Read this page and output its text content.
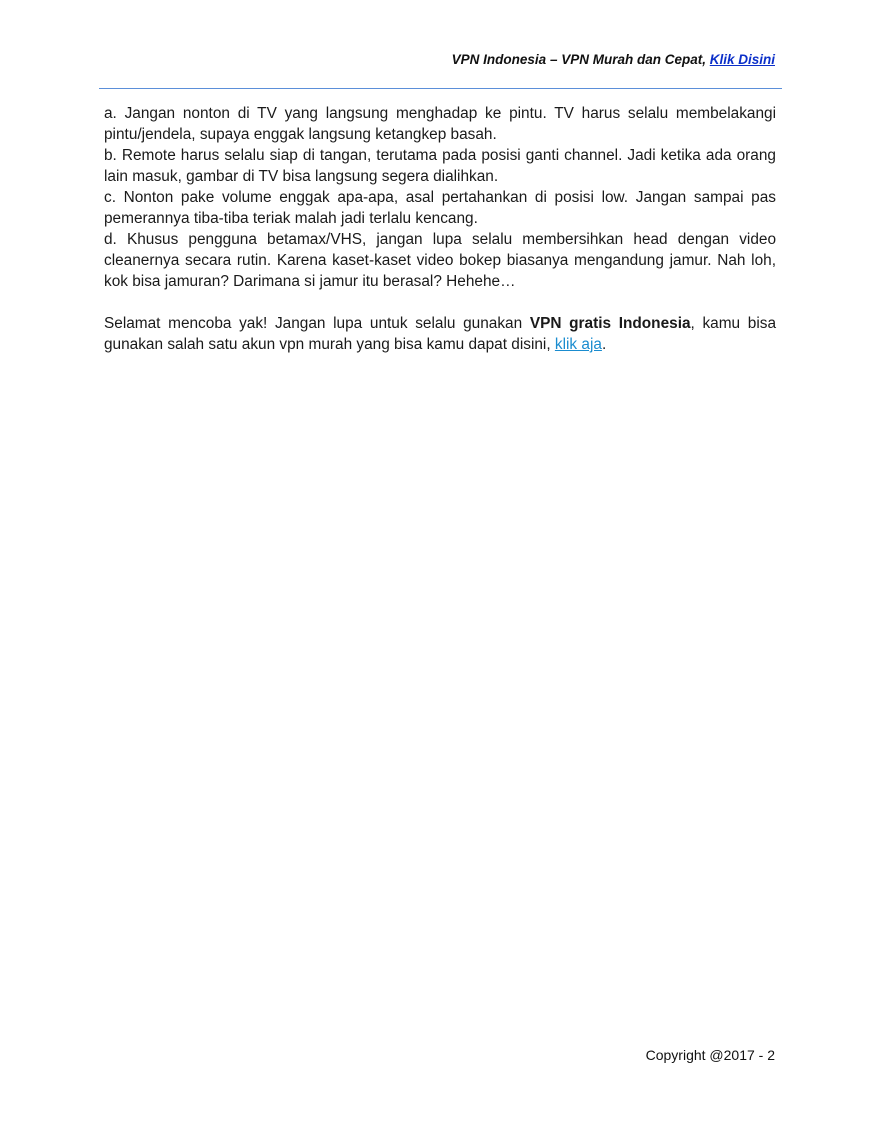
VPN Indonesia – VPN Murah dan Cepat, Klik Disini

a. Jangan nonton di TV yang langsung menghadap ke pintu. TV harus selalu membelakangi pintu/jendela, supaya enggak langsung ketangkep basah.

b. Remote harus selalu siap di tangan, terutama pada posisi ganti channel. Jadi ketika ada orang lain masuk, gambar di TV bisa langsung segera dialihkan.

c. Nonton pake volume enggak apa-apa, asal pertahankan di posisi low. Jangan sampai pas pemerannya tiba-tiba teriak malah jadi terlalu kencang.

d. Khusus pengguna betamax/VHS, jangan lupa selalu membersihkan head dengan video cleanernya secara rutin. Karena kaset-kaset video bokep biasanya mengandung jamur. Nah loh, kok bisa jamuran? Darimana si jamur itu berasal? Hehehe…

Selamat mencoba yak! Jangan lupa untuk selalu gunakan VPN gratis Indonesia, kamu bisa gunakan salah satu akun vpn murah yang bisa kamu dapat disini, klik aja.

Copyright @2017 - 2
